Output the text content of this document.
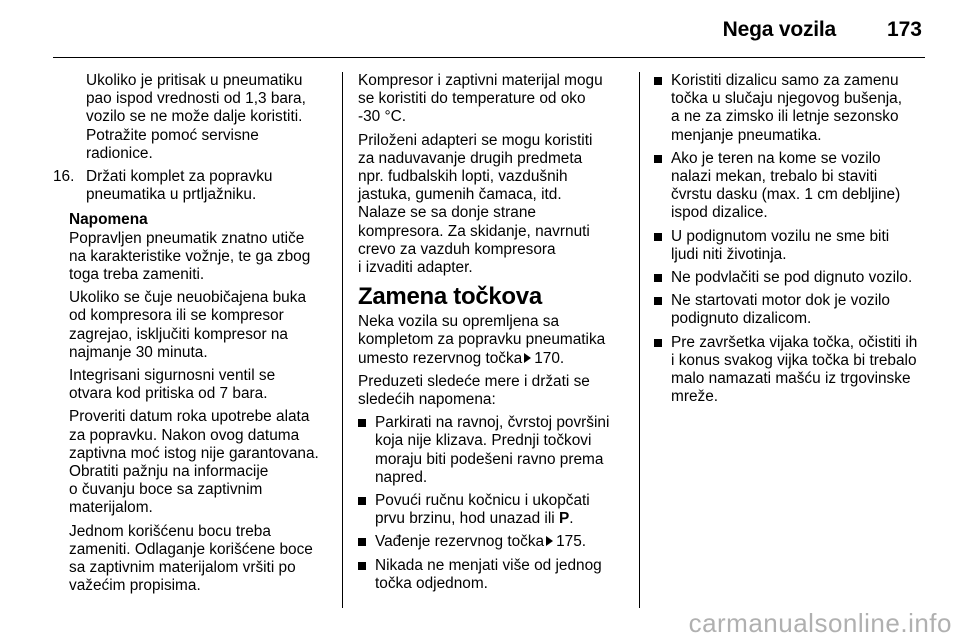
Nega vozila 173

Ukoliko je pritisak u pneumatiku
pao ispod vrednosti od 1,3 bara,
vozilo se ne može dalje koristiti.
Potražite pomoć servisne
radionice.

16. Držati komplet za popravku
pneumatika u prtljažniku.
Napomena

Popravljen pneumatik znatno utiče
na karakteristike vožnje, te ga zbog
toga treba zameniti.

Ukoliko se čuje neuobičajena buka
od kompresora ili se kompresor
zagrejao, isključiti kompresor na
najmanje 30 minuta.

Integrisani sigurnosni ventil se
otvara kod pritiska od 7 bara.

Proveriti datum roka upotrebe alata
za popravku. Nakon ovog datuma
zaptivna moć istog nije garantovana.
Obratiti pažnju na informacije
o čuvanju boce sa zaptivnim
materijalom.

Jednom korišćenu bocu treba
zameniti. Odlaganje korišćene boce
sa zaptivnim materijalom vršiti po
važećim propisima.

Kompresor i zaptivni materijal mogu
se koristiti do temperature od oko
-30 °C.

Priloženi adapteri se mogu koristiti
za naduvavanje drugih predmeta
npr. fudbalskih lopti, vazdušnih
jastuka, gumenih čamaca, itd.
Nalaze se sa donje strane
kompresora. Za skidanje, navrnuti
crevo za vazduh kompresora
i izvaditi adapter.

Zamena točkova

Neka vozila su opremljena sa
kompletom za popravku pneumatika
umesto rezervnog točka 170.

Preduzeti sledeće mere i držati se
sledećih napomena:

Parkirati na ravnoj, čvrstoj površini
koja nije klizava. Prednji točkovi
moraju biti podešeni ravno prema
napred.
Povući ručnu kočnicu i ukopčati
prvu brzinu, hod unazad ili P.
Vađenje rezervnog točka 175.
Nikada ne menjati više od jednog
točka odjednom.
Koristiti dizalicu samo za zamenu
točka u slučaju njegovog bušenja,
a ne za zimsko ili letnje sezonsko
menjanje pneumatika.
Ako je teren na kome se vozilo
nalazi mekan, trebalo bi staviti
čvrstu dasku (max. 1 cm debljine)
ispod dizalice.
U podignutom vozilu ne sme biti
ljudi niti životinja.
Ne podvlačiti se pod dignuto vozilo.
Ne startovati motor dok je vozilo
podignuto dizalicom.
Pre završetka vijaka točka, očistiti ih
i konus svakog vijka točka bi trebalo
malo namazati mašću iz trgovinske
mreže.
carmanualsonline.info
